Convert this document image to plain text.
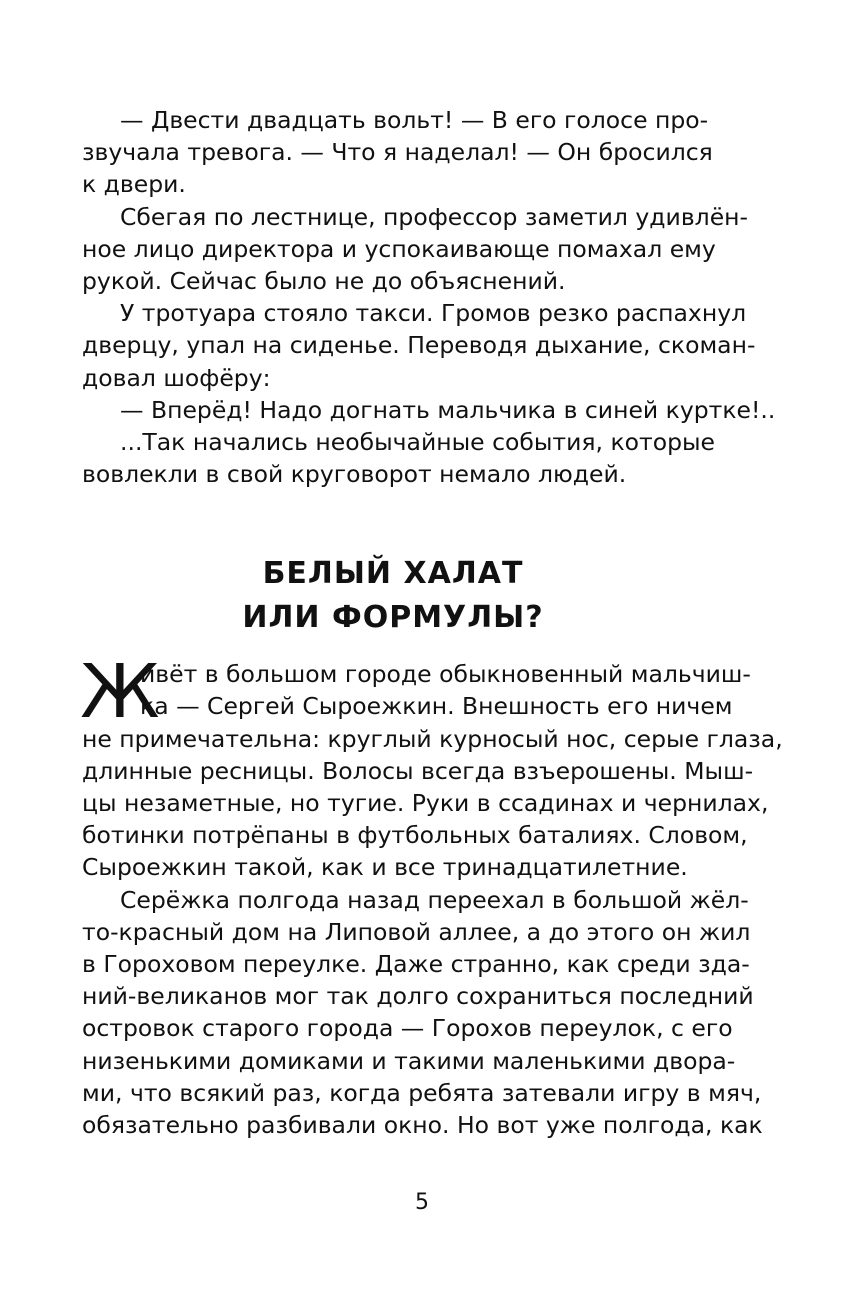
— Двести двадцать вольт! — В его голосе про-
звучала тревога. — Что я наделал! — Он бросился
к двери.
Сбегая по лестнице, профессор заметил удивлён-
ное лицо директора и успокаивающе помахал ему
рукой. Сейчас было не до объяснений.
У тротуара стояло такси. Громов резко распахнул
дверцу, упал на сиденье. Переводя дыхание, скоман-
довал шофёру:
— Вперёд! Надо догнать мальчика в синей куртке!..
...Так начались необычайные события, которые
вовлекли в свой круговорот немало людей.
БЕЛЫЙ ХАЛАТ
ИЛИ ФОРМУЛЫ?
Ж
ивёт в большом городе обыкновенный мальчиш-
ка — Сергей Сыроежкин. Внешность его ничем
не примечательна: круглый курносый нос, серые глаза,
длинные ресницы. Волосы всегда взъерошены. Мыш-
цы незаметные, но тугие. Руки в ссадинах и чернилах,
ботинки потрёпаны в футбольных баталиях. Словом,
Сыроежкин такой, как и все тринадцатилетние.
Серёжка полгода назад переехал в большой жёл-
то-красный дом на Липовой аллее, а до этого он жил
в Гороховом переулке. Даже странно, как среди зда-
ний-великанов мог так долго сохраниться последний
островок старого города — Горохов переулок, с его
низенькими домиками и такими маленькими двора-
ми, что всякий раз, когда ребята затевали игру в мяч,
обязательно разбивали окно. Но вот уже полгода, как
5
